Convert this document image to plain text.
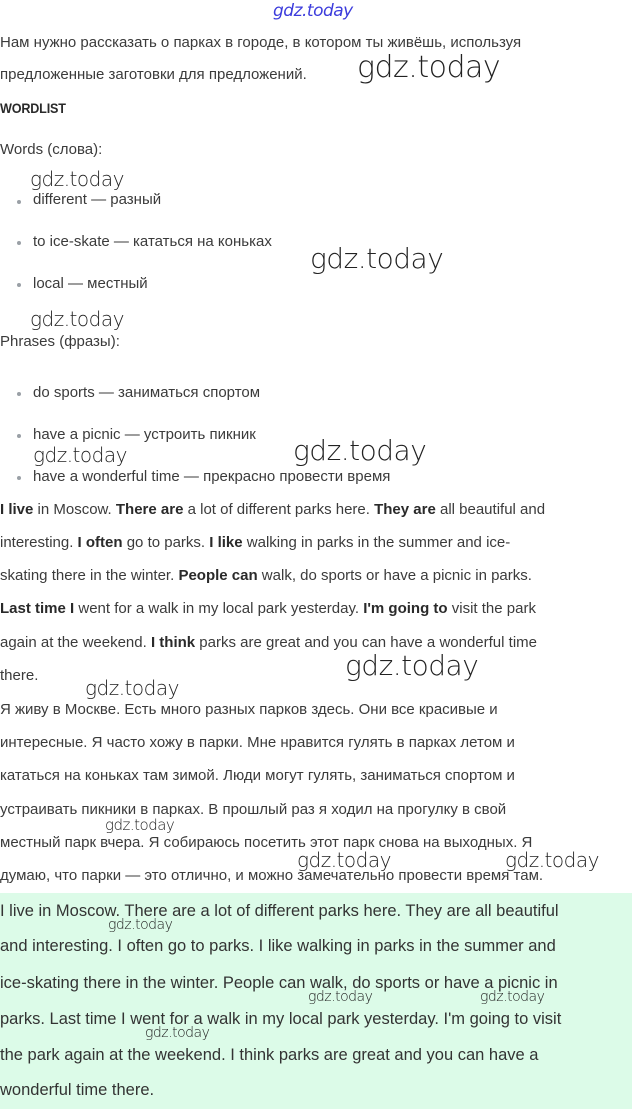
gdz.today
Нам нужно рассказать о парках в городе, в котором ты живёшь, используя
предложенные заготовки для предложений. gdz.today
WORDLIST
Words (слова):
gdz.today
different — разный
to ice-skate — кататься на коньках
gdz.today
local — местный
gdz.today
Phrases (фразы):
do sports — заниматься спортом
have a picnic — устроить пикник
gdz.today	gdz.today
have a wonderful time — прекрасно провести время
I live in Moscow. There are a lot of different parks here. They are all beautiful and
interesting. I often go to parks. I like walking in parks in the summer and ice-
skating there in the winter. People can walk, do sports or have a picnic in parks.
Last time I went for a walk in my local park yesterday. I'm going to visit the park
again at the weekend. I think parks are great and you can have a wonderful time
there.	gdz.today
gdz.today
Я живу в Москве. Есть много разных парков здесь. Они все красивые и
интересные. Я часто хожу в парки. Мне нравится гулять в парках летом и
кататься на коньках там зимой. Люди могут гулять, заниматься спортом и
устраивать пикники в парках. В прошлый раз я ходил на прогулку в свой
местный парк вчера. Я собираюсь посетить этот парк снова на выходных. Я
думаю, что парки — это отлично, и можно замечательно провести время там.
gdz.today
gdz.today	gdz.today
I live in Moscow. There are a lot of different parks here. They are all beautiful
and interesting. I often go to parks. I like walking in parks in the summer and
ice-skating there in the winter. People can walk, do sports or have a picnic in
parks. Last time I went for a walk in my local park yesterday. I'm going to visit
the park again at the weekend. I think parks are great and you can have a
wonderful time there.
gdz.today
gdz.today	gdz.today
gdz.today
